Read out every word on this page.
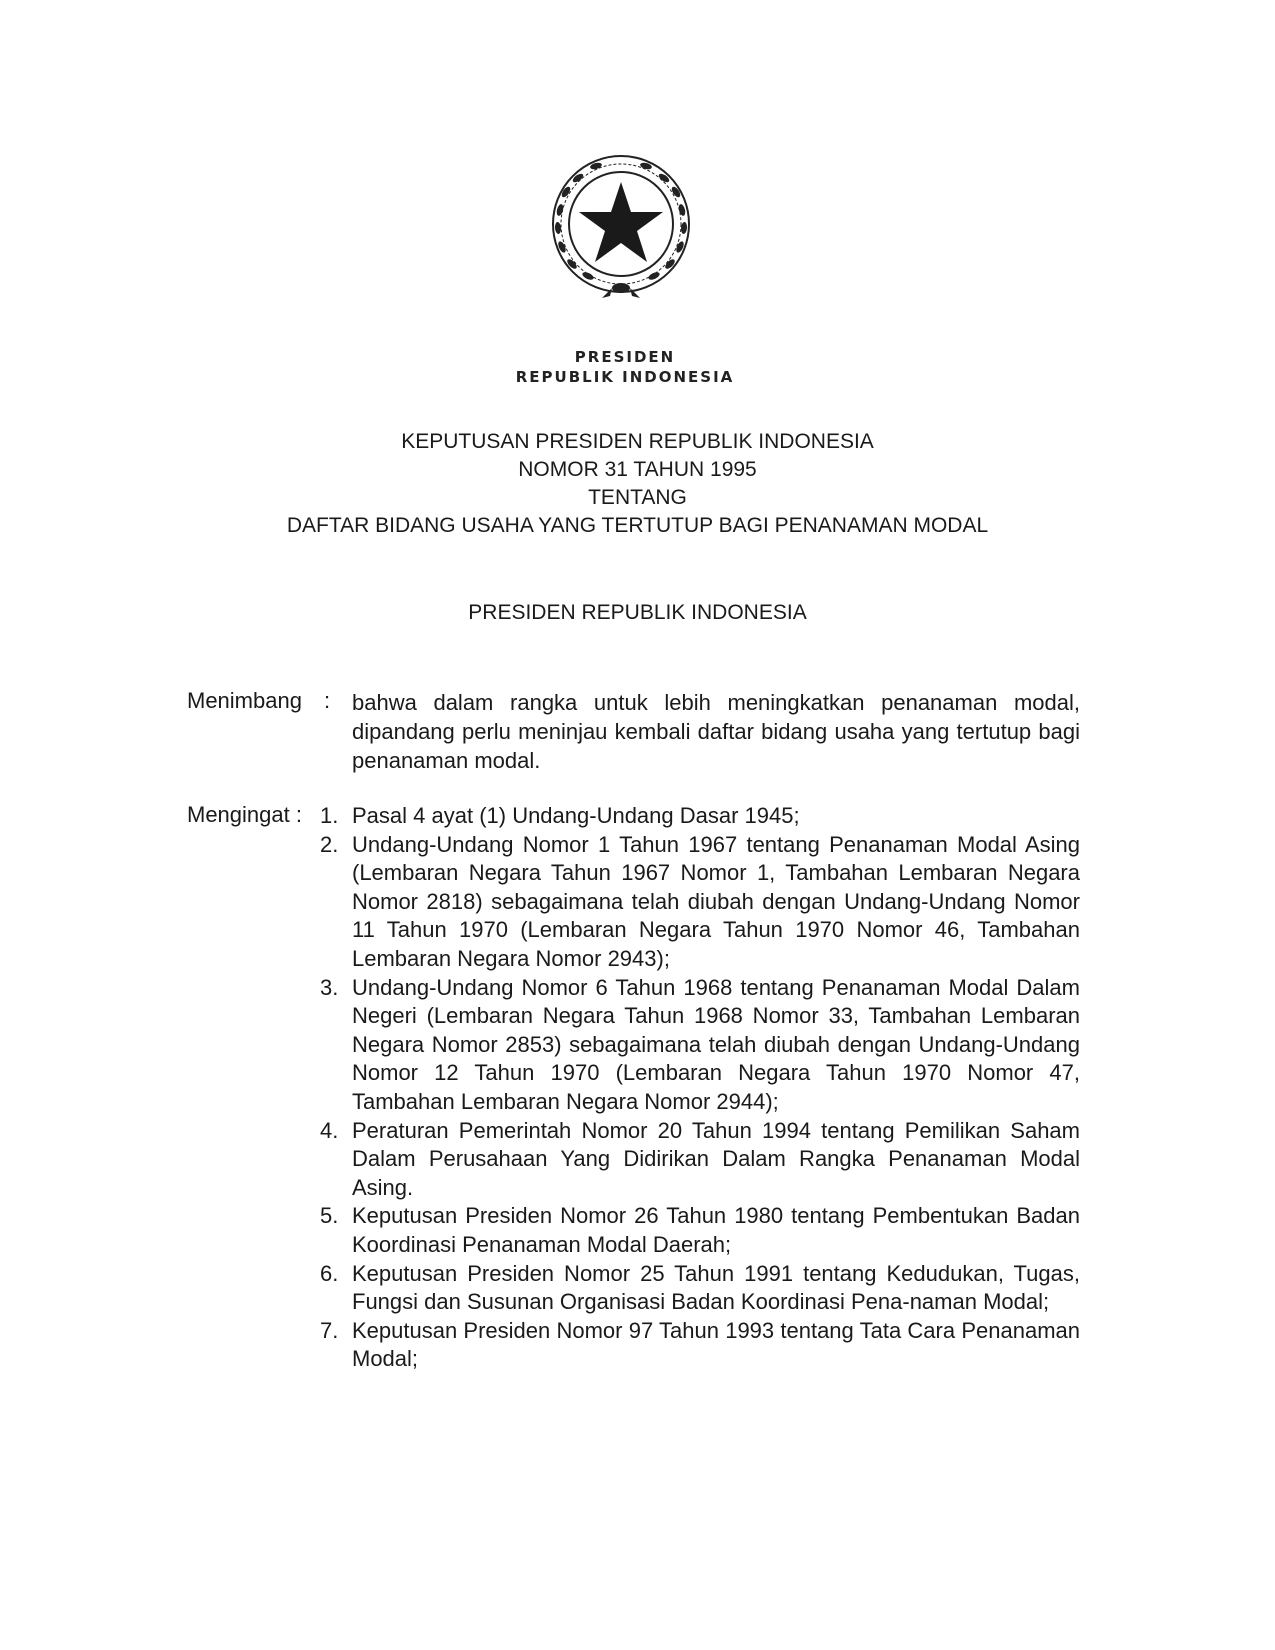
PRESIDEN
REPUBLIK INDONESIA
KEPUTUSAN PRESIDEN REPUBLIK INDONESIA
NOMOR 31 TAHUN 1995
TENTANG
DAFTAR BIDANG USAHA YANG TERTUTUP BAGI PENANAMAN MODAL
PRESIDEN REPUBLIK INDONESIA
Menimbang : bahwa dalam rangka untuk lebih meningkatkan penanaman modal, dipandang perlu meninjau kembali daftar bidang usaha yang tertutup bagi penanaman modal.
Mengingat : 1. Pasal 4 ayat (1) Undang-Undang Dasar 1945;
2. Undang-Undang Nomor 1 Tahun 1967 tentang Penanaman Modal Asing (Lembaran Negara Tahun 1967 Nomor 1, Tambahan Lembaran Negara Nomor 2818) sebagaimana telah diubah dengan Undang-Undang Nomor 11 Tahun 1970 (Lembaran Negara Tahun 1970 Nomor 46, Tambahan Lembaran Negara Nomor 2943);
3. Undang-Undang Nomor 6 Tahun 1968 tentang Penanaman Modal Dalam Negeri (Lembaran Negara Tahun 1968 Nomor 33, Tambahan Lembaran Negara Nomor 2853) sebagaimana telah diubah dengan Undang-Undang Nomor 12 Tahun 1970 (Lembaran Negara Tahun 1970 Nomor 47, Tambahan Lembaran Negara Nomor 2944);
4. Peraturan Pemerintah Nomor 20 Tahun 1994 tentang Pemilikan Saham Dalam Perusahaan Yang Didirikan Dalam Rangka Penanaman Modal Asing.
5. Keputusan Presiden Nomor 26 Tahun 1980 tentang Pembentukan Badan Koordinasi Penanaman Modal Daerah;
6. Keputusan Presiden Nomor 25 Tahun 1991 tentang Kedudukan, Tugas, Fungsi dan Susunan Organisasi Badan Koordinasi Pena-naman Modal;
7. Keputusan Presiden Nomor 97 Tahun 1993 tentang Tata Cara Penanaman Modal;
